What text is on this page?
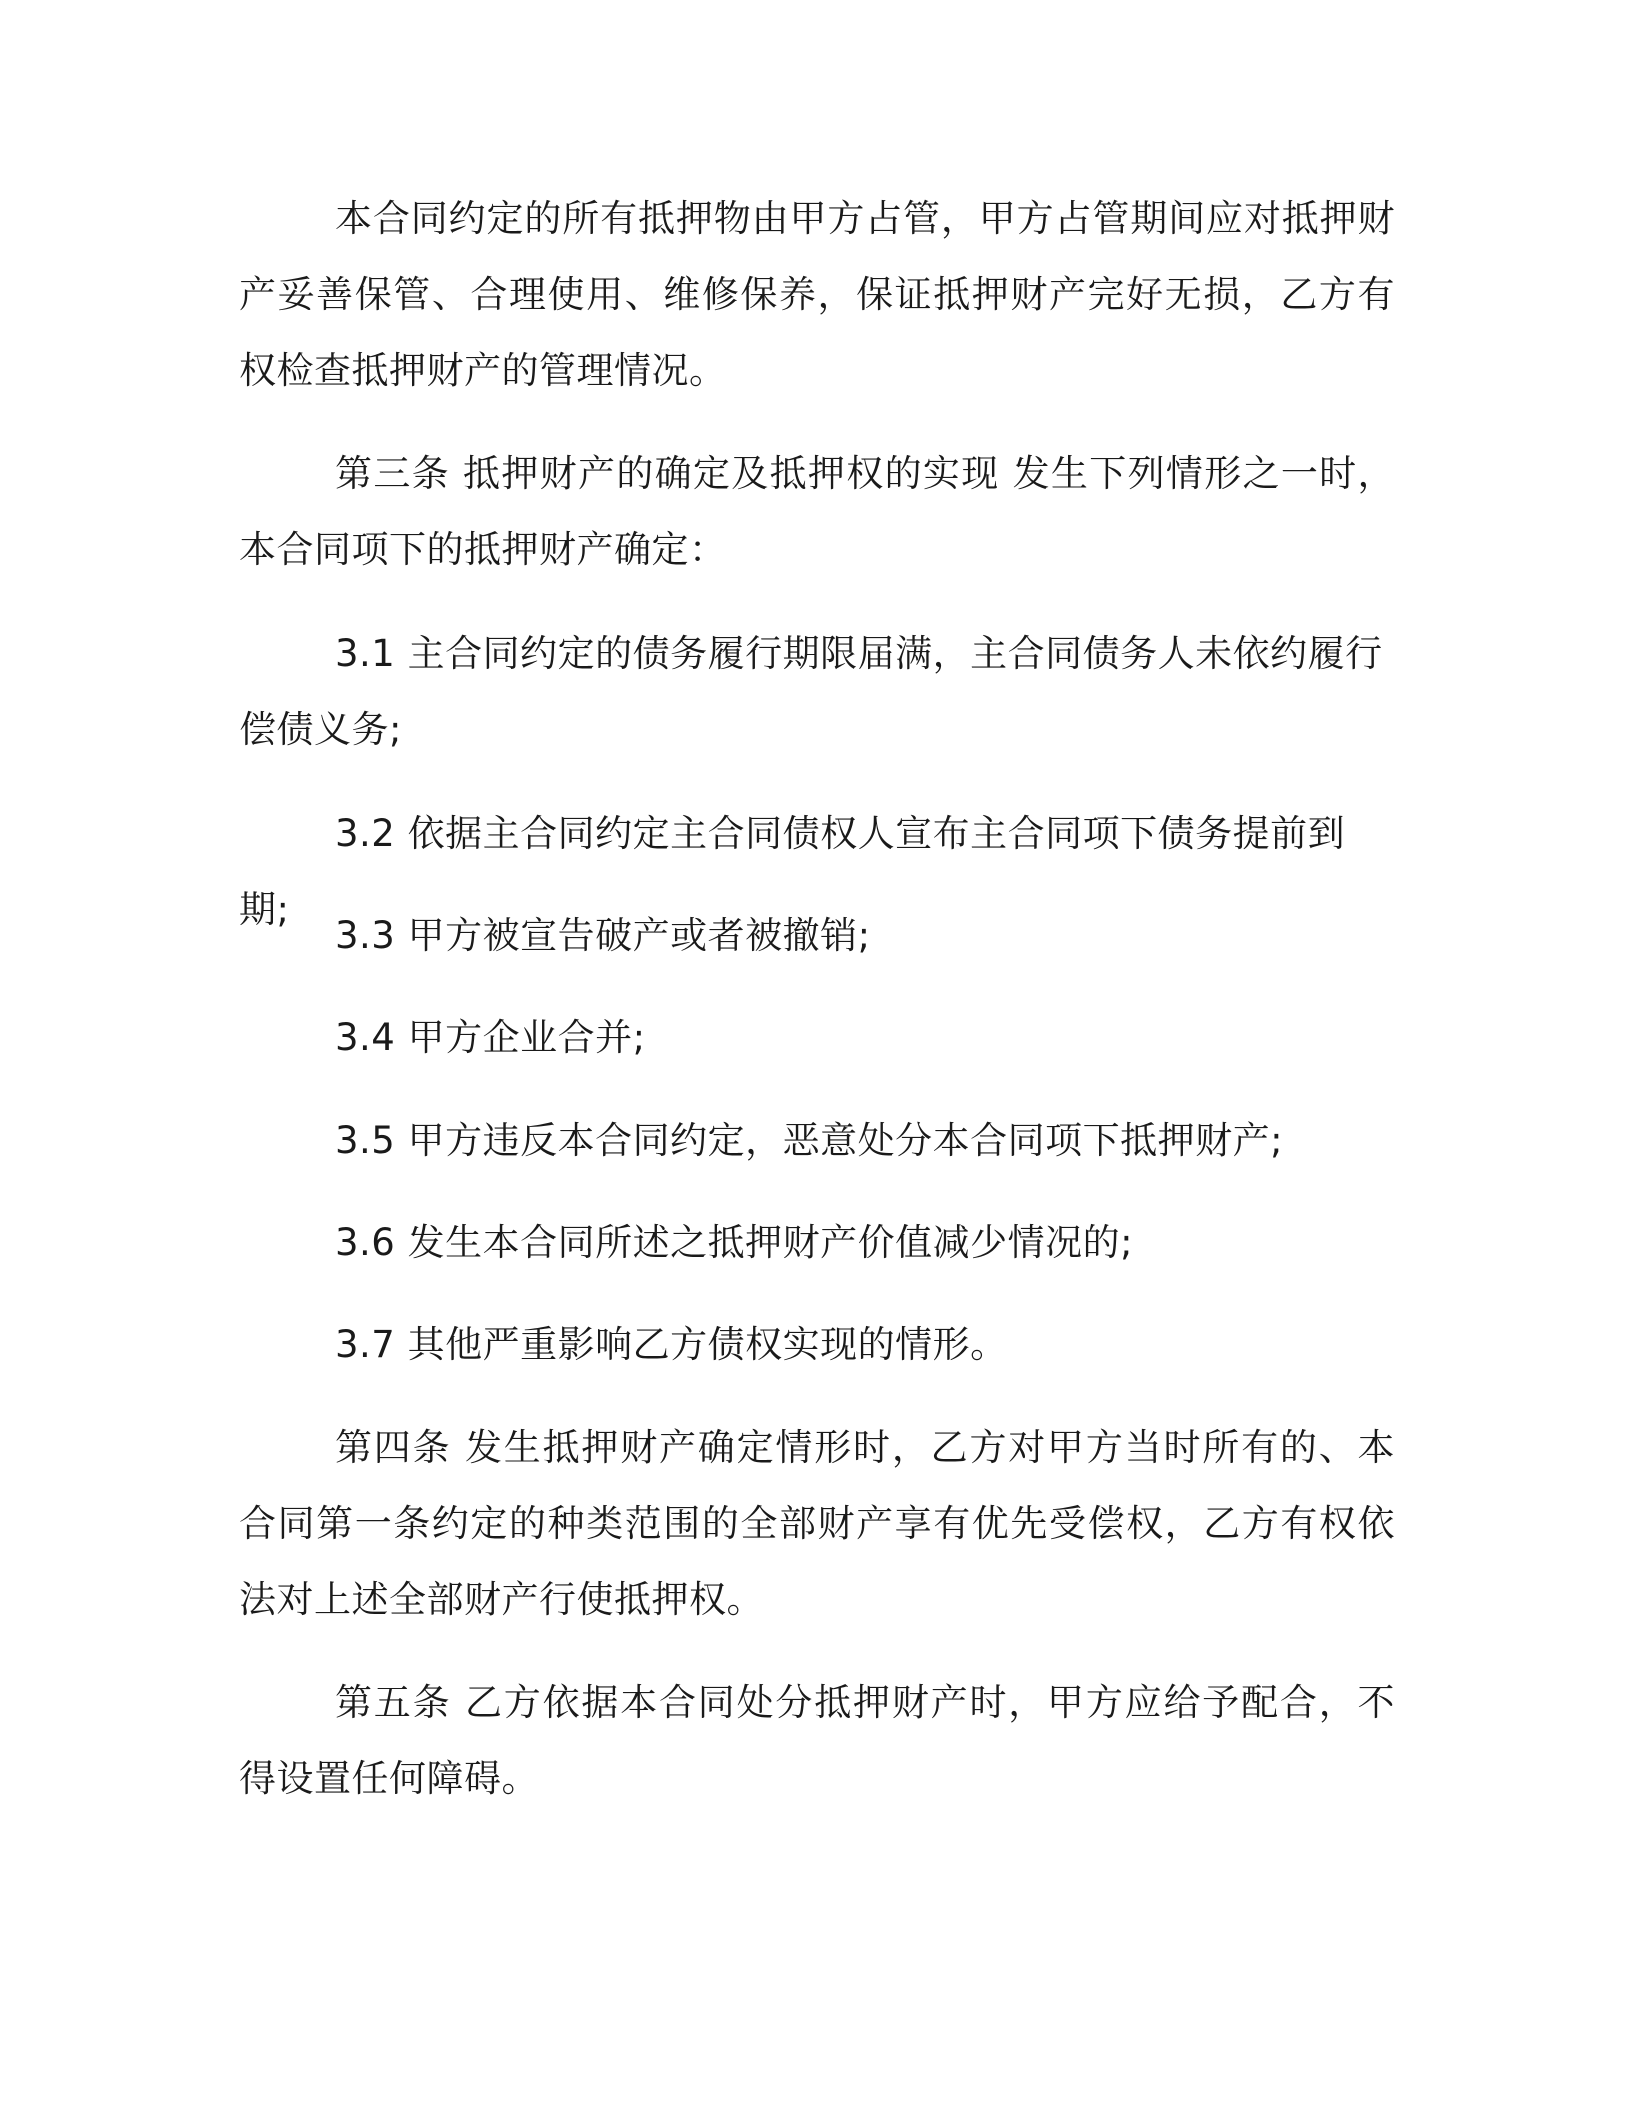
本合同约定的所有抵押物由甲方占管，甲方占管期间应对抵押财产妥善保管、合理使用、维修保养，保证抵押财产完好无损，乙方有权检查抵押财产的管理情况。

第三条 抵押财产的确定及抵押权的实现 发生下列情形之一时，本合同项下的抵押财产确定：

3.1 主合同约定的债务履行期限届满，主合同债务人未依约履行偿债义务;

3.2 依据主合同约定主合同债权人宣布主合同项下债务提前到期;

3.3 甲方被宣告破产或者被撤销;

3.4 甲方企业合并;

3.5 甲方违反本合同约定，恶意处分本合同项下抵押财产;

3.6 发生本合同所述之抵押财产价值减少情况的;

3.7 其他严重影响乙方债权实现的情形。

第四条 发生抵押财产确定情形时，乙方对甲方当时所有的、本合同第一条约定的种类范围的全部财产享有优先受偿权，乙方有权依法对上述全部财产行使抵押权。

第五条 乙方依据本合同处分抵押财产时，甲方应给予配合，不得设置任何障碍。
